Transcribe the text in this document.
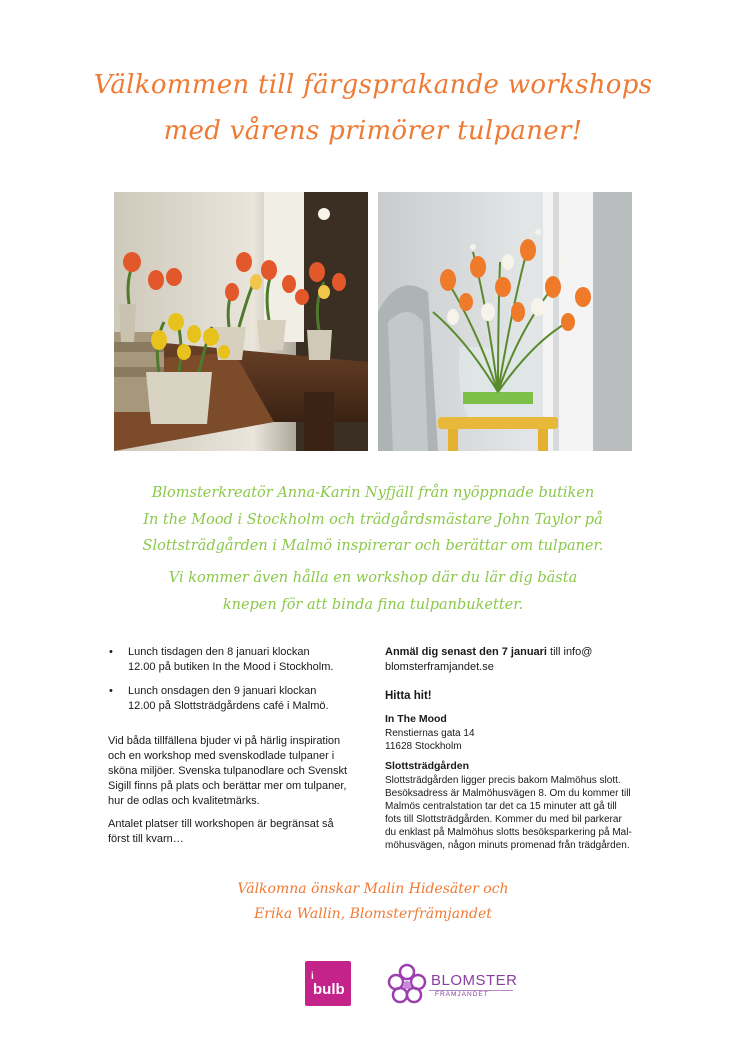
Välkommen till färgsprakande workshops
med vårens primörer tulpaner!
Blomsterkreatör Anna-Karin Nyfjäll från nyöppnade butiken
In the Mood i Stockholm och trädgårdsmästare John Taylor på
Slottsträdgården i Malmö inspirerar och berättar om tulpaner.
Vi kommer även hålla en workshop där du lär dig bästa
knepen för att binda fina tulpanbuketter.
• Lunch tisdagen den 8 januari klockan
12.00 på butiken In the Mood i Stockholm.
• Lunch onsdagen den 9 januari klockan
12.00 på Slottsträdgårdens café i Malmö.
Vid båda tillfällena bjuder vi på härlig inspiration
och en workshop med svenskodlade tulpaner i
sköna miljöer. Svenska tulpanodlare och Svenskt
Sigill finns på plats och berättar mer om tulpaner,
hur de odlas och kvalitetmärks.
Antalet platser till workshopen är begränsat så
först till kvarn…
Anmäl dig senast den 7 januari till info@
blomsterframjandet.se
Hitta hit!
In The Mood
Renstiernas gata 14
11628 Stockholm
Slottsträdgården
Slottsträdgården ligger precis bakom Malmöhus slott.
Besöksadress är Malmöhusvägen 8. Om du kommer till
Malmös centralstation tar det ca 15 minuter att gå till
fots till Slottsträdgården. Kommer du med bil parkerar
du enklast på Malmöhus slotts besöksparkering på Mal-
möhusvägen, någon minuts promenad från trädgården.
Välkomna önskar Malin Hidesäter och
Erika Wallin, Blomsterfrämjandet
i
bulb
BLOMSTER
FRÄMJANDET
